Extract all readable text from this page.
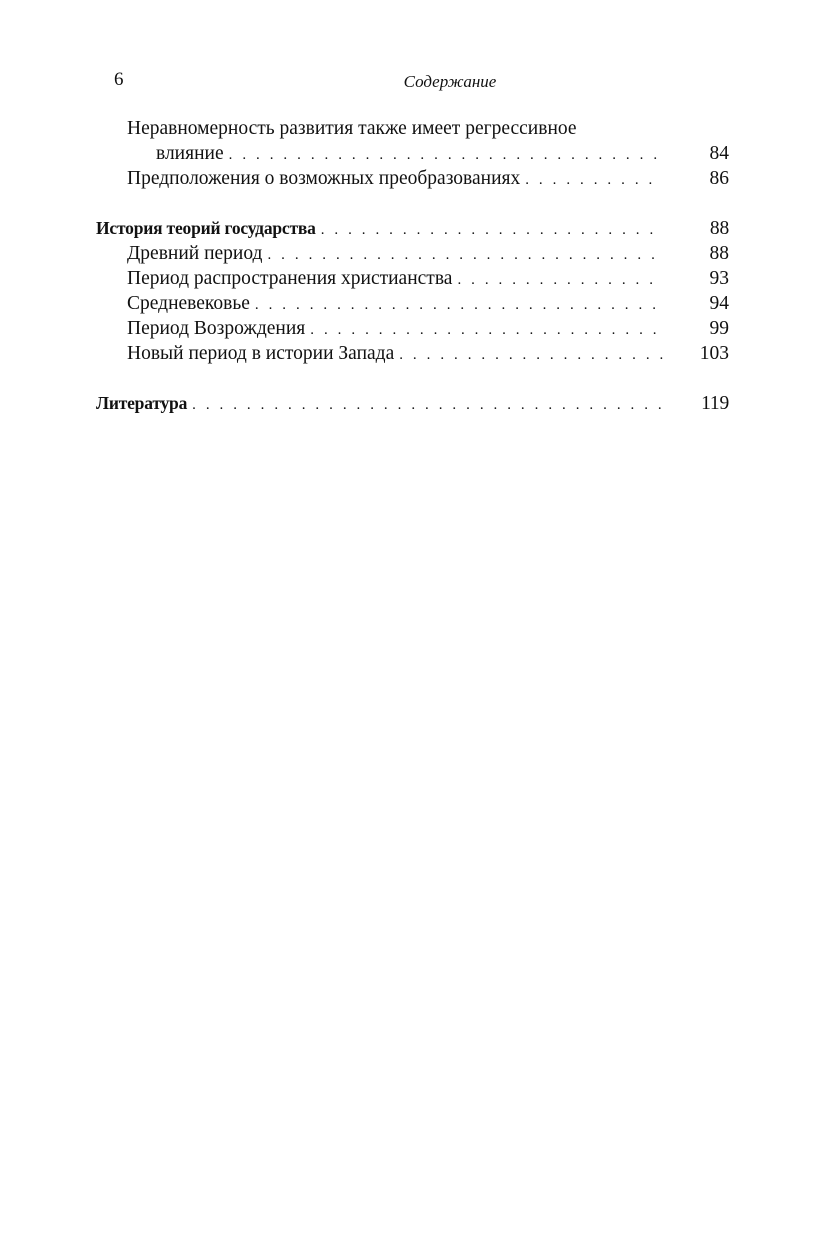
6	Содержание
Неравномерность развития также имеет регрессивное
влияние . . .	84
Предположения о возможных преобразованиях . . .	86
История теорий государства . . .	88
Древний период . . .	88
Период распространения христианства . . .	93
Средневековье . . .	94
Период Возрождения . . .	99
Новый период в истории Запада . . .	103
Литература . . .	119
